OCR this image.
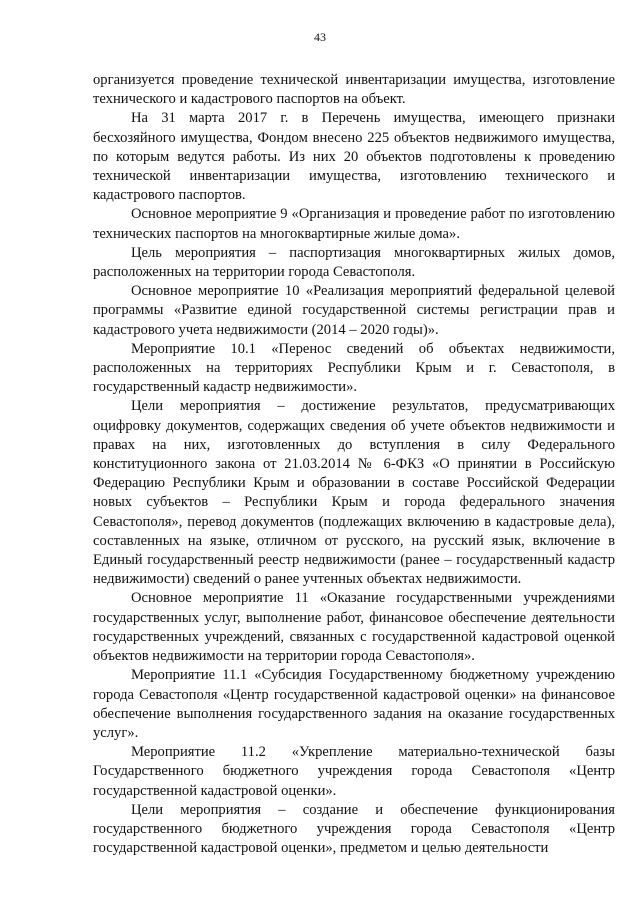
43

организуется проведение технической инвентаризации имущества, изготовление технического и кадастрового паспортов на объект.

На 31 марта 2017 г. в Перечень имущества, имеющего признаки бесхозяйного имущества, Фондом внесено 225 объектов недвижимого имущества, по которым ведутся работы. Из них 20 объектов подготовлены к проведению технической инвентаризации имущества, изготовлению технического и кадастрового паспортов.

Основное мероприятие 9 «Организация и проведение работ по изготовлению технических паспортов на многоквартирные жилые дома».

Цель мероприятия – паспортизация многоквартирных жилых домов, расположенных на территории города Севастополя.

Основное мероприятие 10 «Реализация мероприятий федеральной целевой программы «Развитие единой государственной системы регистрации прав и кадастрового учета недвижимости (2014 – 2020 годы)».

Мероприятие 10.1 «Перенос сведений об объектах недвижимости, расположенных на территориях Республики Крым и г. Севастополя, в государственный кадастр недвижимости».

Цели мероприятия – достижение результатов, предусматривающих оцифровку документов, содержащих сведения об учете объектов недвижимости и правах на них, изготовленных до вступления в силу Федерального конституционного закона от 21.03.2014 № 6-ФКЗ «О принятии в Российскую Федерацию Республики Крым и образовании в составе Российской Федерации новых субъектов – Республики Крым и города федерального значения Севастополя», перевод документов (подлежащих включению в кадастровые дела), составленных на языке, отличном от русского, на русский язык, включение в Единый государственный реестр недвижимости (ранее – государственный кадастр недвижимости) сведений о ранее учтенных объектах недвижимости.

Основное мероприятие 11 «Оказание государственными учреждениями государственных услуг, выполнение работ, финансовое обеспечение деятельности государственных учреждений, связанных с государственной кадастровой оценкой объектов недвижимости на территории города Севастополя».

Мероприятие 11.1 «Субсидия Государственному бюджетному учреждению города Севастополя «Центр государственной кадастровой оценки» на финансовое обеспечение выполнения государственного задания на оказание государственных услуг».

Мероприятие 11.2 «Укрепление материально-технической базы Государственного бюджетного учреждения города Севастополя «Центр государственной кадастровой оценки».

Цели мероприятия – создание и обеспечение функционирования государственного бюджетного учреждения города Севастополя «Центр государственной кадастровой оценки», предметом и целью деятельности
